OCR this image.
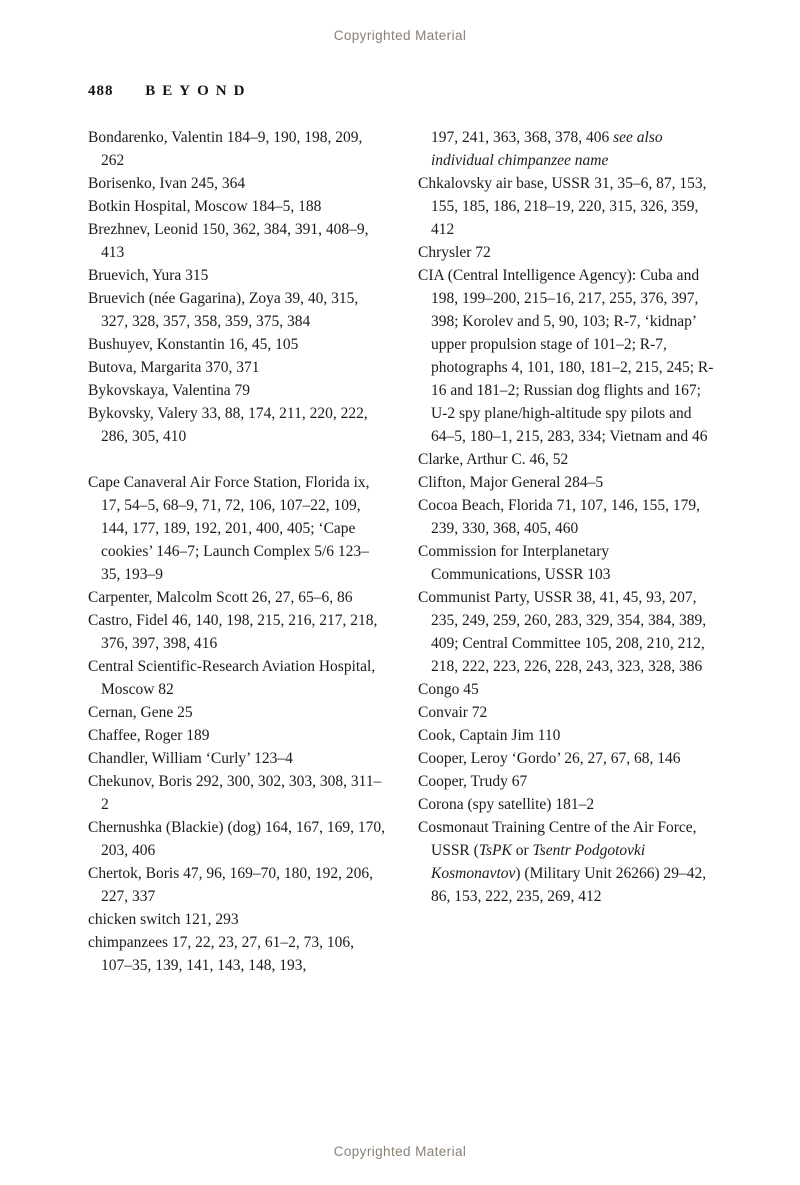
Copyrighted Material
488 BEYOND

Bondarenko, Valentin 184–9, 190, 198, 209, 262

Borisenko, Ivan 245, 364

Botkin Hospital, Moscow 184–5, 188

Brezhnev, Leonid 150, 362, 384, 391, 408–9, 413

Bruevich, Yura 315

Bruevich (née Gagarina), Zoya 39, 40, 315, 327, 328, 357, 358, 359, 375, 384

Bushuyev, Konstantin 16, 45, 105

Butova, Margarita 370, 371

Bykovskaya, Valentina 79

Bykovsky, Valery 33, 88, 174, 211, 220, 222, 286, 305, 410

Cape Canaveral Air Force Station, Florida ix, 17, 54–5, 68–9, 71, 72, 106, 107–22, 109, 144, 177, 189, 192, 201, 400, 405; ‘Cape cookies’ 146–7; Launch Complex 5/6 123–35, 193–9

Carpenter, Malcolm Scott 26, 27, 65–6, 86

Castro, Fidel 46, 140, 198, 215, 216, 217, 218, 376, 397, 398, 416

Central Scientific-Research Aviation Hospital, Moscow 82

Cernan, Gene 25

Chaffee, Roger 189

Chandler, William ‘Curly’ 123–4

Chekunov, Boris 292, 300, 302, 303, 308, 311–2

Chernushka (Blackie) (dog) 164, 167, 169, 170, 203, 406

Chertok, Boris 47, 96, 169–70, 180, 192, 206, 227, 337

chicken switch 121, 293

chimpanzees 17, 22, 23, 27, 61–2, 73, 106, 107–35, 139, 141, 143, 148, 193,

197, 241, 363, 368, 378, 406 see also individual chimpanzee name

Chkalovsky air base, USSR 31, 35–6, 87, 153, 155, 185, 186, 218–19, 220, 315, 326, 359, 412

Chrysler 72

CIA (Central Intelligence Agency): Cuba and 198, 199–200, 215–16, 217, 255, 376, 397, 398; Korolev and 5, 90, 103; R-7, ‘kidnap’ upper propulsion stage of 101–2; R-7, photographs 4, 101, 180, 181–2, 215, 245; R-16 and 181–2; Russian dog flights and 167; U-2 spy plane/high-altitude spy pilots and 64–5, 180–1, 215, 283, 334; Vietnam and 46

Clarke, Arthur C. 46, 52

Clifton, Major General 284–5

Cocoa Beach, Florida 71, 107, 146, 155, 179, 239, 330, 368, 405, 460

Commission for Interplanetary Communications, USSR 103

Communist Party, USSR 38, 41, 45, 93, 207, 235, 249, 259, 260, 283, 329, 354, 384, 389, 409; Central Committee 105, 208, 210, 212, 218, 222, 223, 226, 228, 243, 323, 328, 386

Congo 45

Convair 72

Cook, Captain Jim 110

Cooper, Leroy ‘Gordo’ 26, 27, 67, 68, 146

Cooper, Trudy 67

Corona (spy satellite) 181–2

Cosmonaut Training Centre of the Air Force, USSR (TsPK or Tsentr Podgotovki Kosmonavtov) (Military Unit 26266) 29–42, 86, 153, 222, 235, 269, 412

Copyrighted Material
